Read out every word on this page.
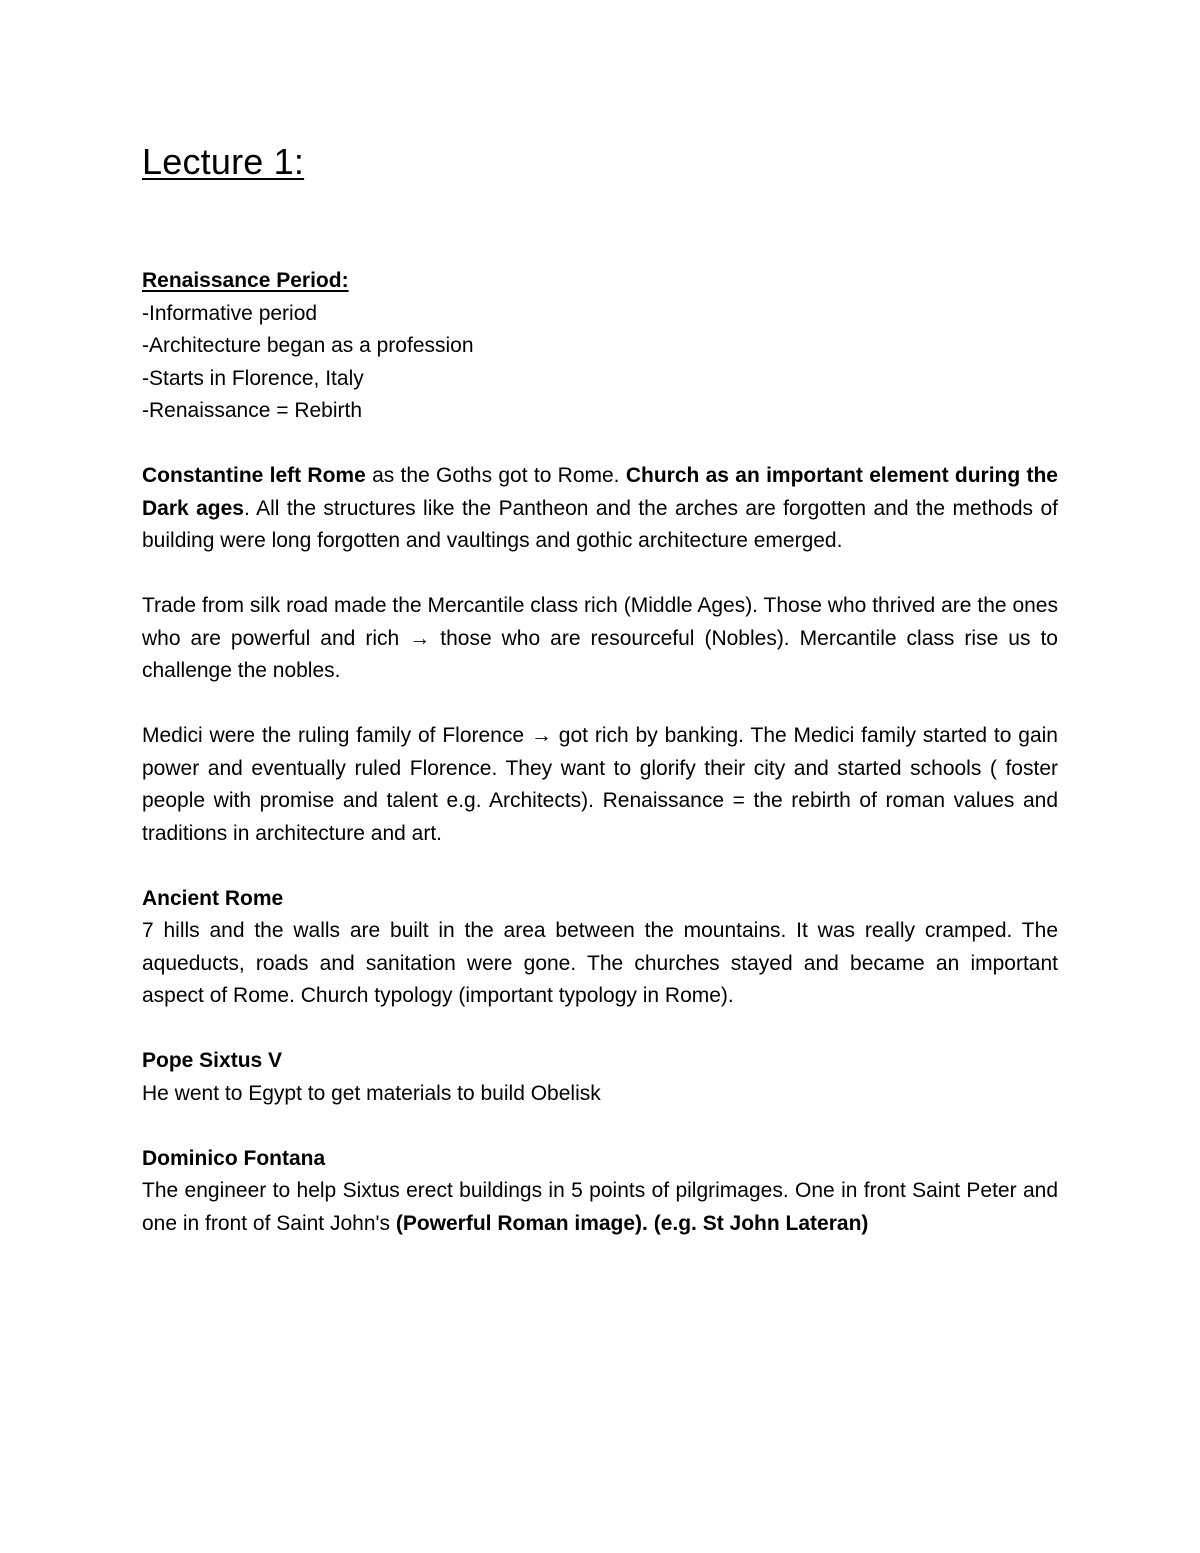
Lecture 1:

Renaissance Period:

-Informative period

-Architecture began as a profession

-Starts in Florence, Italy

-Renaissance = Rebirth

Constantine left Rome as the Goths got to Rome. Church as an important element during the Dark ages. All the structures like the Pantheon and the arches are forgotten and the methods of building were long forgotten and vaultings and gothic architecture emerged.

Trade from silk road made the Mercantile class rich (Middle Ages). Those who thrived are the ones who are powerful and rich → those who are resourceful (Nobles). Mercantile class rise us to challenge the nobles.

Medici were the ruling family of Florence → got rich by banking. The Medici family started to gain power and eventually ruled Florence. They want to glorify their city and started schools ( foster people with promise and talent e.g. Architects). Renaissance = the rebirth of roman values and traditions in architecture and art.

Ancient Rome

7 hills and the walls are built in the area between the mountains. It was really cramped. The aqueducts, roads and sanitation were gone. The churches stayed and became an important aspect of Rome. Church typology (important typology in Rome).

Pope Sixtus V

He went to Egypt to get materials to build Obelisk

Dominico Fontana

The engineer to help Sixtus erect buildings in 5 points of pilgrimages. One in front Saint Peter and one in front of Saint John's (Powerful Roman image). (e.g. St John Lateran)
